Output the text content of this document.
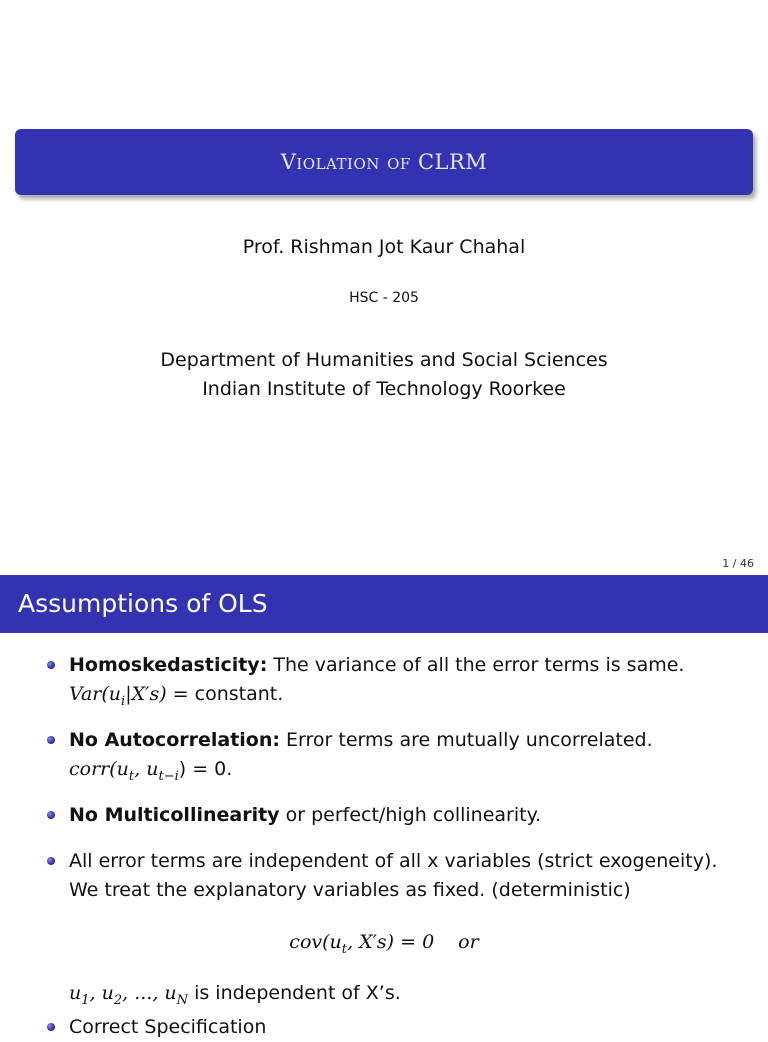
Violation of CLRM
Prof. Rishman Jot Kaur Chahal
HSC - 205
Department of Humanities and Social Sciences
Indian Institute of Technology Roorkee
1 / 46
Assumptions of OLS
Homoskedasticity: The variance of all the error terms is same.
$Var(u_i|X's)$ = constant.
No Autocorrelation: Error terms are mutually uncorrelated.
$corr(u_t$, $u_{t-i}) = 0$.
No Multicollinearity or perfect/high collinearity.
All error terms are independent of all x variables (strict exogeneity).
We treat the explanatory variables as fixed. (deterministic)
$cov(u_t$, X′s) = 0 or
$u_1$, $u_2$, ..., $u_N$ is independent of X’s.
Correct Specification
